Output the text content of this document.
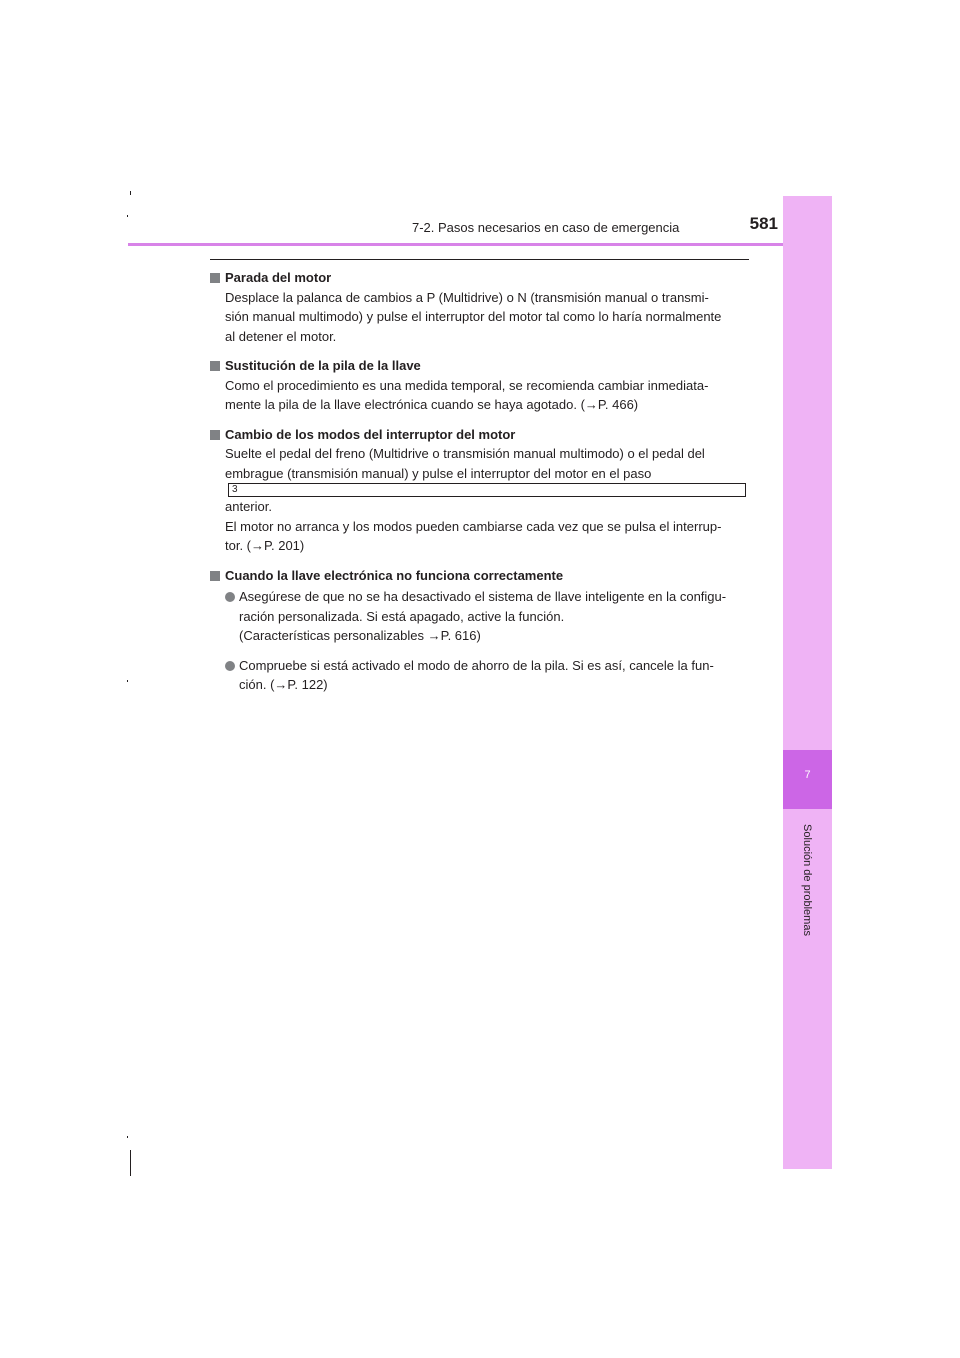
7-2. Pasos necesarios en caso de emergencia	581
7
Solución de problemas
Parada del motor
Desplace la palanca de cambios a P (Multidrive) o N (transmisión manual o transmi-
sión manual multimodo) y pulse el interruptor del motor tal como lo haría normalmente
al detener el motor.
Sustitución de la pila de la llave
Como el procedimiento es una medida temporal, se recomienda cambiar inmediata-
mente la pila de la llave electrónica cuando se haya agotado. (→P. 466)
Cambio de los modos del interruptor del motor
Suelte el pedal del freno (Multidrive o transmisión manual multimodo) o el pedal del
embrague (transmisión manual) y pulse el interruptor del motor en el paso
3
anterior.
El motor no arranca y los modos pueden cambiarse cada vez que se pulsa el interrup-
tor. (→P. 201)
Cuando la llave electrónica no funciona correctamente
Asegúrese de que no se ha desactivado el sistema de llave inteligente en la configu-
ración personalizada. Si está apagado, active la función.
(Características personalizables →P. 616)
Compruebe si está activado el modo de ahorro de la pila. Si es así, cancele la fun-
ción. (→P. 122)
